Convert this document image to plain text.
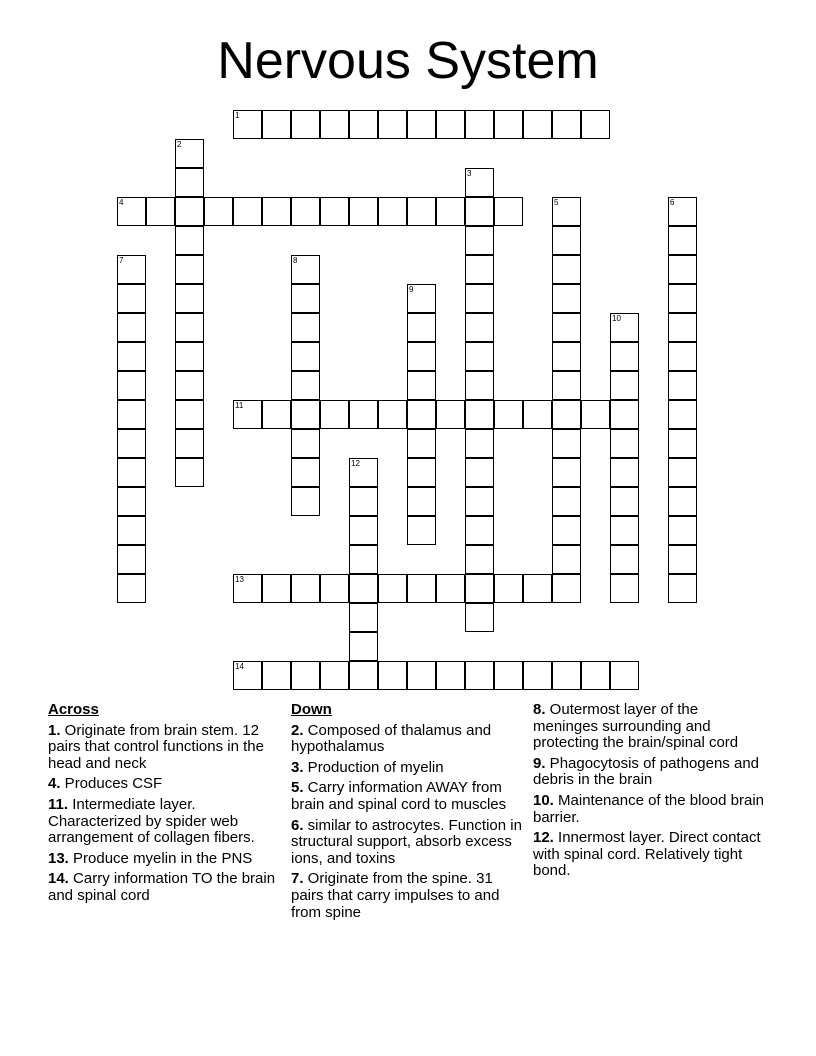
Nervous System
1
2
3
4	5	6
7	8
9
10
11
12
13
14
Across
1. Originate from brain stem. 12 pairs that control functions in the head and neck
4. Produces CSF
11. Intermediate layer. Characterized by spider web arrangement of collagen fibers.
13. Produce myelin in the PNS
14. Carry information TO the brain and spinal cord
Down
2. Composed of thalamus and hypothalamus
3. Production of myelin
5. Carry information AWAY from brain and spinal cord to muscles
6. similar to astrocytes. Function in structural support, absorb excess ions, and toxins
7. Originate from the spine. 31 pairs that carry impulses to and from spine
8. Outermost layer of the meninges surrounding and protecting the brain/spinal cord
9. Phagocytosis of pathogens and debris in the brain
10. Maintenance of the blood brain barrier.
12. Innermost layer. Direct contact with spinal cord. Relatively tight bond.
